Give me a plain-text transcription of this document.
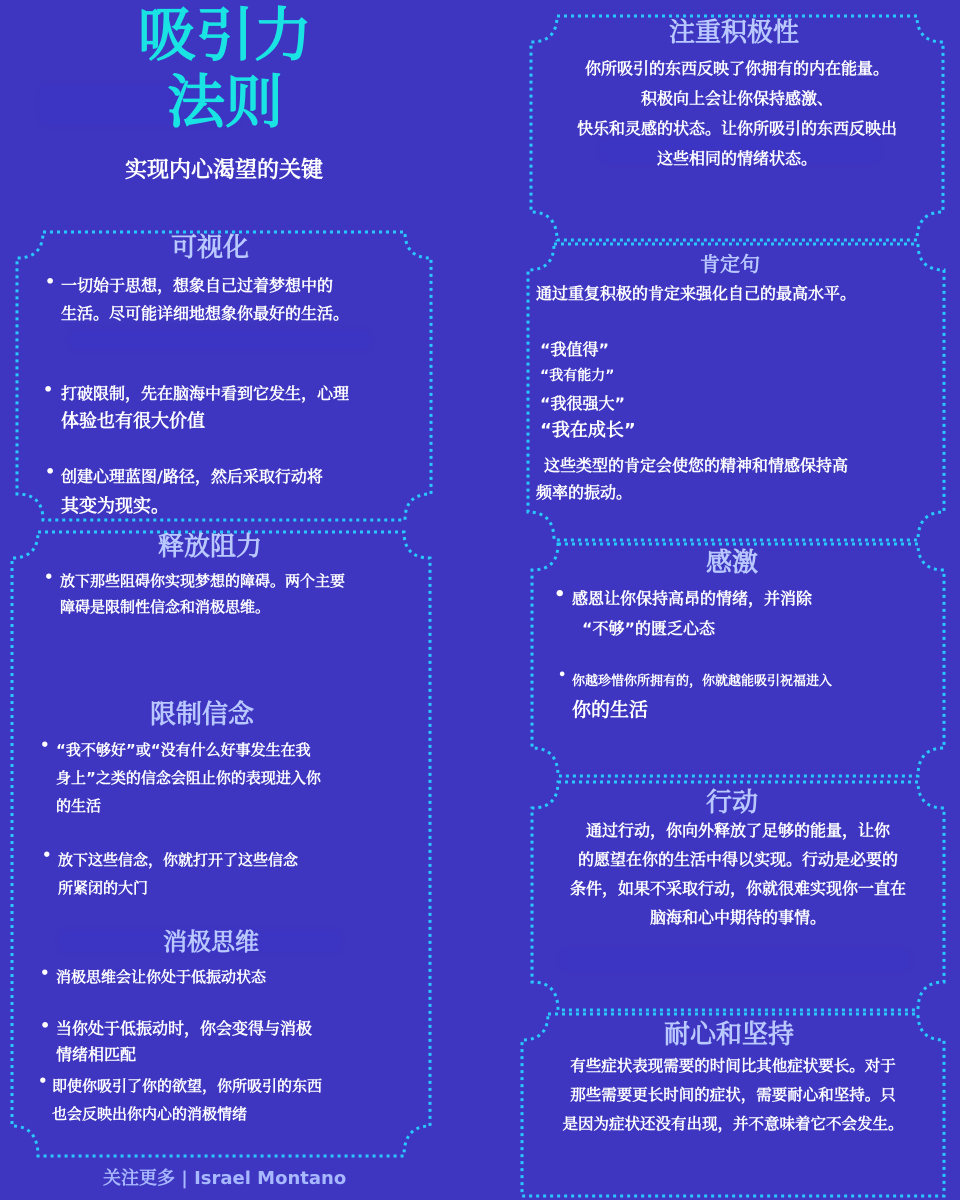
吸引力
法则
实现内心渴望的关键
可视化
• 一切始于思想，想象自己过着梦想中的
生活。尽可能详细地想象你最好的生活。
• 打破限制，先在脑海中看到它发生，心理
体验也有很大价值
• 创建心理蓝图/路径，然后采取行动将
其变为现实。
释放阻力
• 放下那些阻碍你实现梦想的障碍。两个主要
障碍是限制性信念和消极思维。
限制信念
• “我不够好”或“没有什么好事发生在我
身上”之类的信念会阻止你的表现进入你
的生活
• 放下这些信念，你就打开了这些信念
所紧闭的大门
消极思维
• 消极思维会让你处于低振动状态
• 当你处于低振动时，你会变得与消极
情绪相匹配
• 即使你吸引了你的欲望，你所吸引的东西
也会反映出你内心的消极情绪
关注更多 | Israel Montano
注重积极性
你所吸引的东西反映了你拥有的内在能量。
积极向上会让你保持感激、
快乐和灵感的状态。让你所吸引的东西反映出
这些相同的情绪状态。
肯定句
通过重复积极的肯定来强化自己的最高水平。
“我值得”
“我有能力”
“我很强大”
“我在成长”
这些类型的肯定会使您的精神和情感保持高
频率的振动。
感激
• 感恩让你保持高昂的情绪，并消除
“不够”的匮乏心态
• 你越珍惜你所拥有的，你就越能吸引祝福进入
你的生活
行动
通过行动，你向外释放了足够的能量，让你
的愿望在你的生活中得以实现。行动是必要的
条件，如果不采取行动，你就很难实现你一直在
脑海和心中期待的事情。
耐心和坚持
有些症状表现需要的时间比其他症状要长。对于
那些需要更长时间的症状，需要耐心和坚持。只
是因为症状还没有出现，并不意味着它不会发生。
